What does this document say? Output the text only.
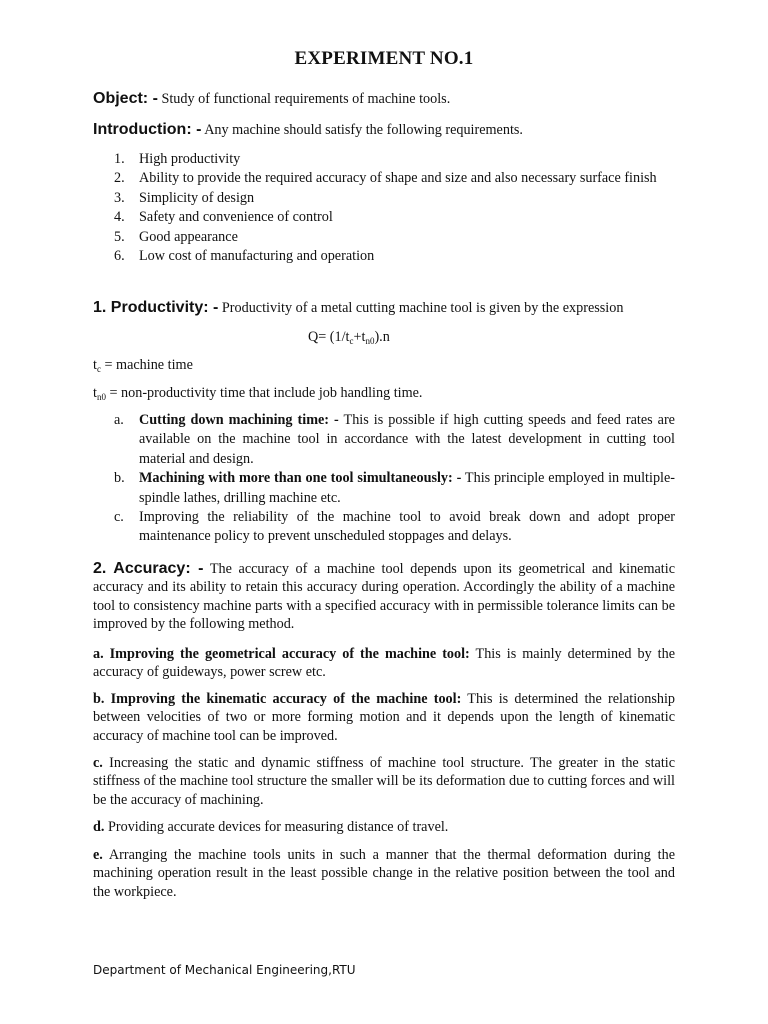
EXPERIMENT NO.1
Object: - Study of functional requirements of machine tools.
Introduction: - Any machine should satisfy the following requirements.
1. High productivity
2. Ability to provide the required accuracy of shape and size and also necessary surface finish
3. Simplicity of design
4. Safety and convenience of control
5. Good appearance
6. Low cost of manufacturing and operation
1. Productivity: - Productivity of a metal cutting machine tool is given by the expression
$Q= (1/t_c+t_{n0}).n$
$t_c$ = machine time
$t_{n0}$ = non-productivity time that include job handling time.
a. Cutting down machining time: - This is possible if high cutting speeds and feed rates are available on the machine tool in accordance with the latest development in cutting tool material and design.
b. Machining with more than one tool simultaneously: - This principle employed in multiple-spindle lathes, drilling machine etc.
c. Improving the reliability of the machine tool to avoid break down and adopt proper maintenance policy to prevent unscheduled stoppages and delays.
2. Accuracy: - The accuracy of a machine tool depends upon its geometrical and kinematic accuracy and its ability to retain this accuracy during operation. Accordingly the ability of a machine tool to consistency machine parts with a specified accuracy with in permissible tolerance limits can be improved by the following method.
a. Improving the geometrical accuracy of the machine tool: This is mainly determined by the accuracy of guideways, power screw etc.
b. Improving the kinematic accuracy of the machine tool: This is determined the relationship between velocities of two or more forming motion and it depends upon the length of kinematic accuracy of machine tool can be improved.
c. Increasing the static and dynamic stiffness of machine tool structure. The greater in the static stiffness of the machine tool structure the smaller will be its deformation due to cutting forces and will be the accuracy of machining.
d. Providing accurate devices for measuring distance of travel.
e. Arranging the machine tools units in such a manner that the thermal deformation during the machining operation result in the least possible change in the relative position between the tool and the workpiece.
Department of Mechanical Engineering,RTU
